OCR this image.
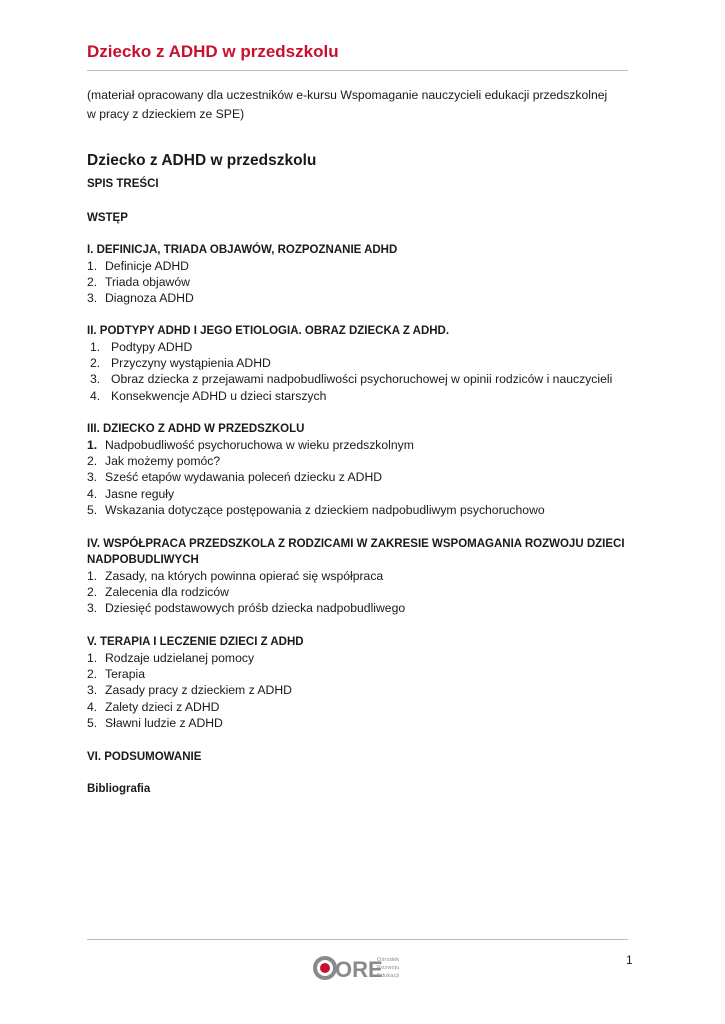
Dziecko z ADHD w przedszkolu

(materiał opracowany dla uczestników e-kursu Wspomaganie nauczycieli edukacji przedszkolnej
w pracy z dzieckiem ze SPE)

Dziecko z ADHD w przedszkolu
SPIS TREŚCI

WSTĘP

I. DEFINICJA, TRIADA OBJAWÓW, ROZPOZNANIE ADHD

1. Definicje ADHD
2. Triada objawów
3. Diagnoza ADHD

II. PODTYPY ADHD I JEGO ETIOLOGIA. OBRAZ DZIECKA Z ADHD.

1. Podtypy ADHD
2. Przyczyny wystąpienia ADHD
3. Obraz dziecka z przejawami nadpobudliwości psychoruchowej w opinii rodziców i nauczycieli
4. Konsekwencje ADHD u dzieci starszych

III. DZIECKO Z ADHD W PRZEDSZKOLU

1. Nadpobudliwość psychoruchowa w wieku przedszkolnym
2. Jak możemy pomóc?
3. Sześć etapów wydawania poleceń dziecku z ADHD
4. Jasne reguły
5. Wskazania dotyczące postępowania z dzieckiem nadpobudliwym psychoruchowo

IV. WSPÓŁPRACA PRZEDSZKOLA Z RODZICAMI W ZAKRESIE WSPOMAGANIA ROZWOJU DZIECI
NADPOBUDLIWYCH

1. Zasady, na których powinna opierać się współpraca
2. Zalecenia dla rodziców
3. Dziesięć podstawowych próśb dziecka nadpobudliwego

V. TERAPIA I LECZENIE DZIECI Z ADHD

1. Rodzaje udzielanej pomocy
2. Terapia
3. Zasady pracy z dzieckiem z ADHD
4. Zalety dzieci z ADHD
5. Sławni ludzie z ADHD

VI. PODSUMOWANIE

Bibliografia

1
ORE
Ośrodek
Rozwoju
Edukacji
